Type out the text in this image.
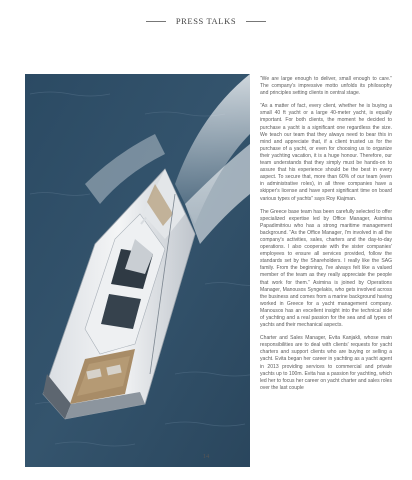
PRESS TALKS

“We are large enough to deliver, small enough to care.” The company's impressive motto unfolds its philosophy and principles setting clients in central stage.

“As a matter of fact, every client, whether he is buying a small 40 ft yacht or a large 40-meter yacht, is equally important. For both clients, the moment he decided to purchase a yacht is a significant one regardless the size. We teach our team that they always need to bear this in mind and appreciate that, if a client trusted us for the purchase of a yacht, or even for choosing us to organize their yachting vacation, it is a huge honour. Therefore, our team understands that they simply must be hands-on to assure that his experience should be the best in every aspect. To secure that, more than 60% of our team (even in administrative roles), in all three companies have a skipper's license and have spent significant time on board various types of yachts” says Roy Kiajman.

The Greece base team has been carefully selected to offer specialized expertise led by Office Manager, Asimina Papadimitriou who has a strong maritime management background. “As the Office Manager, I'm involved in all the company's activities, sales, charters and the day-to-day operations. I also cooperate with the sister companies' employees to ensure all services provided, follow the standards set by the Shareholders. I really like the SAG family. From the beginning, I've always felt like a valued member of the team as they really appreciate the people that work for them.” Asimina is joined by Operations Manager, Manousos Syngelakis, who gets involved across the business and comes from a marine background having worked in Greece for a yacht management company. Manousos has an excellent insight into the technical side of yachting and a real passion for the sea and all types of yachts and their mechanical aspects.

Charter and Sales Manager, Evita Kanjakli, whose main responsibilities are to deal with clients' requests for yacht charters and support clients who are buying or selling a yacht. Evita began her career in yachting as a yacht agent in 2013 providing services to commercial and private yachts up to 100m. Evita has a passion for yachting, which led her to focus her career on yacht charter and sales roles over the last couple

14
